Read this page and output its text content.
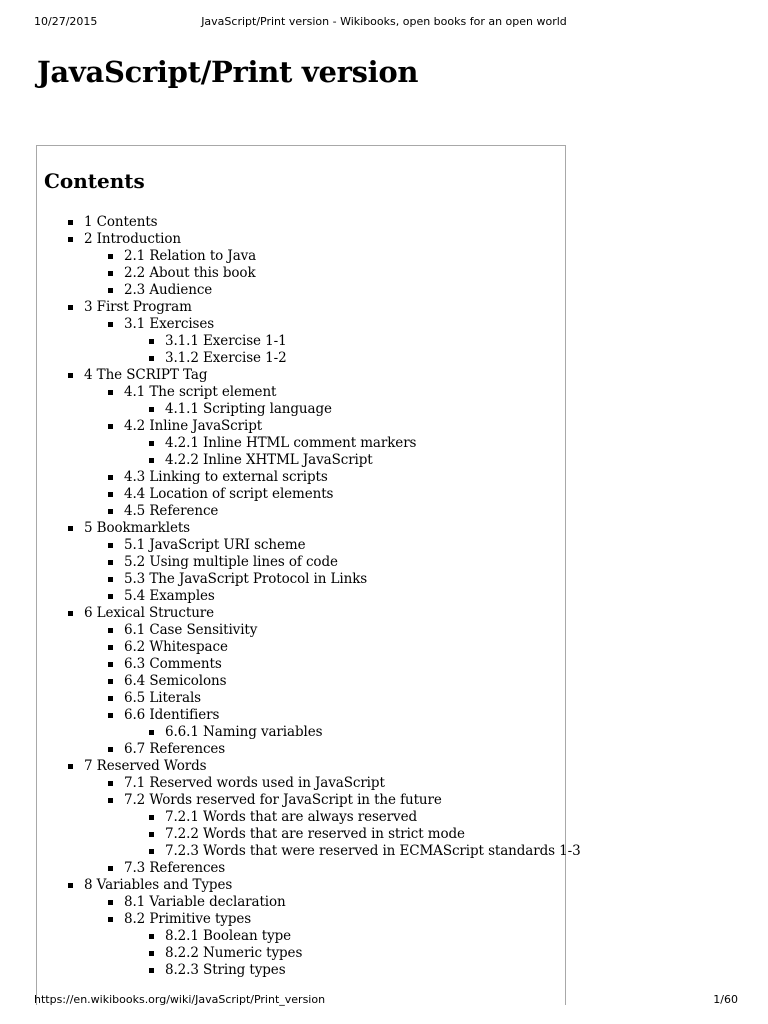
10/27/2015	JavaScript/Print version - Wikibooks, open books for an open world
JavaScript/Print version
Contents
1 Contents
2 Introduction
2.1 Relation to Java
2.2 About this book
2.3 Audience
3 First Program
3.1 Exercises
3.1.1 Exercise 1-1
3.1.2 Exercise 1-2
4 The SCRIPT Tag
4.1 The script element
4.1.1 Scripting language
4.2 Inline JavaScript
4.2.1 Inline HTML comment markers
4.2.2 Inline XHTML JavaScript
4.3 Linking to external scripts
4.4 Location of script elements
4.5 Reference
5 Bookmarklets
5.1 JavaScript URI scheme
5.2 Using multiple lines of code
5.3 The JavaScript Protocol in Links
5.4 Examples
6 Lexical Structure
6.1 Case Sensitivity
6.2 Whitespace
6.3 Comments
6.4 Semicolons
6.5 Literals
6.6 Identifiers
6.6.1 Naming variables
6.7 References
7 Reserved Words
7.1 Reserved words used in JavaScript
7.2 Words reserved for JavaScript in the future
7.2.1 Words that are always reserved
7.2.2 Words that are reserved in strict mode
7.2.3 Words that were reserved in ECMAScript standards 1-3
7.3 References
8 Variables and Types
8.1 Variable declaration
8.2 Primitive types
8.2.1 Boolean type
8.2.2 Numeric types
8.2.3 String types
https://en.wikibooks.org/wiki/JavaScript/Print_version	1/60
